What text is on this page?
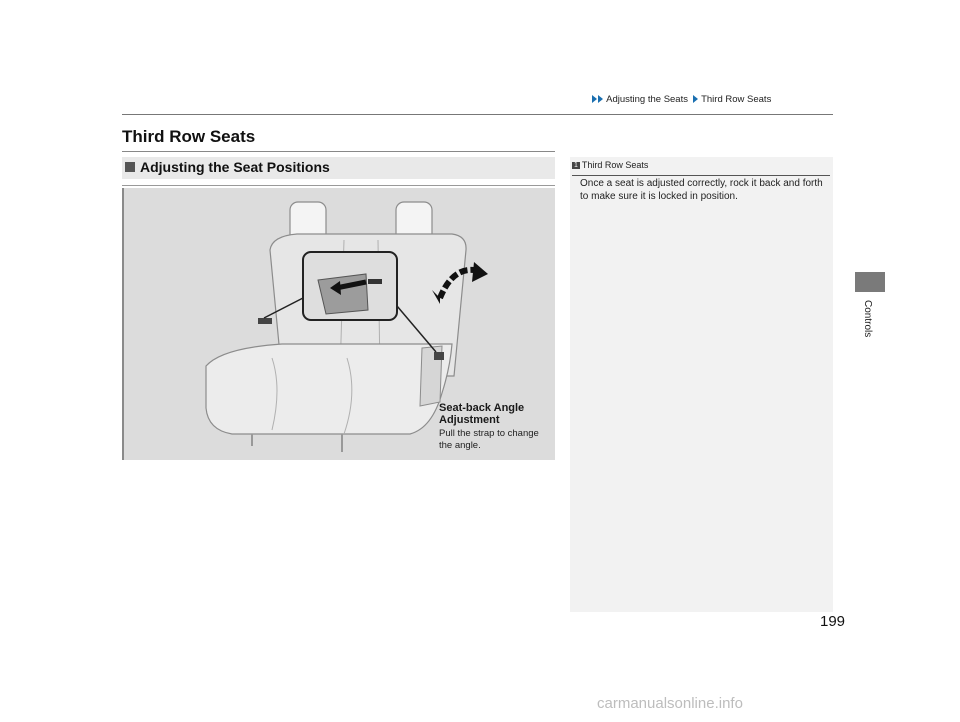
Adjusting the Seats Third Row Seats
Third Row Seats
Adjusting the Seat Positions
Seat-back Angle Adjustment
Pull the strap to change the angle.
1 Third Row Seats
Once a seat is adjusted correctly, rock it back and forth to make sure it is locked in position.
Controls
199
carmanualsonline.info
